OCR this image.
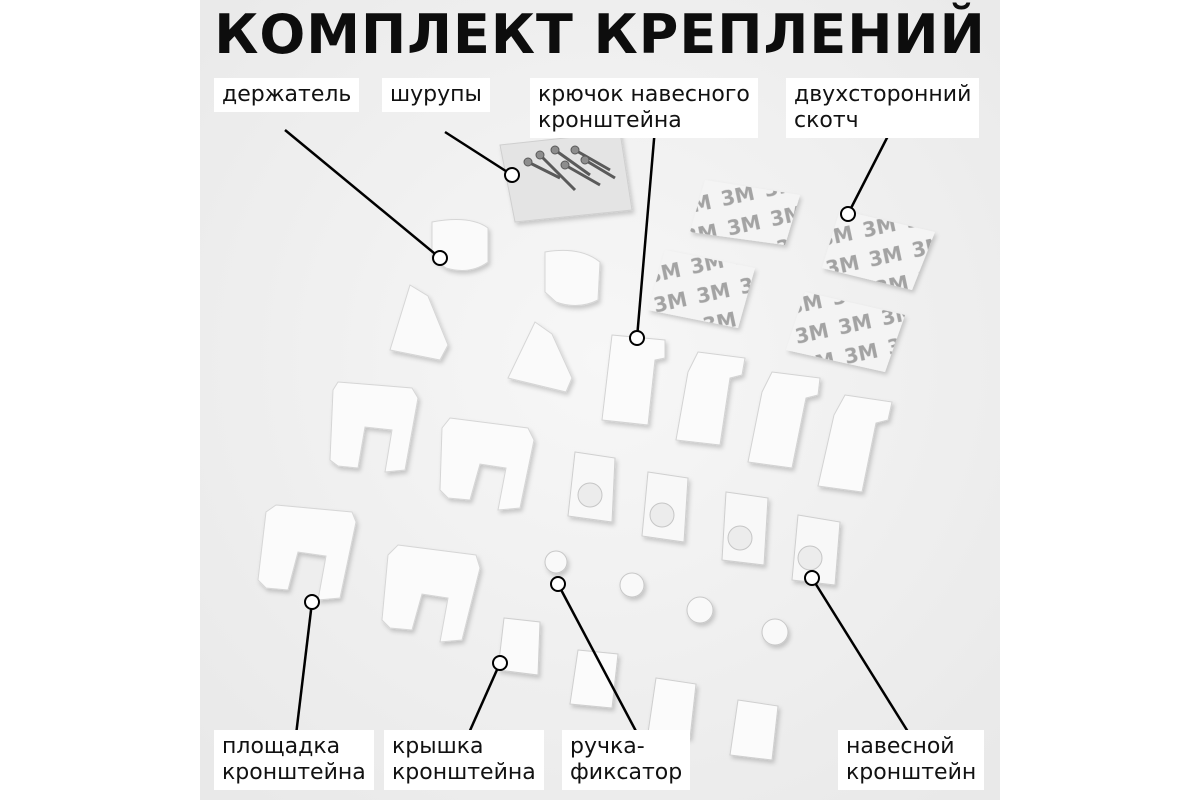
КОМПЛЕКТ КРЕПЛЕНИЙ
держатель шурупы	крючок навесного
кронштейна
двухсторонний
скотч
площадка
кронштейна
крышка
кронштейна
ручка-
фиксатор
навесной
кронштейн
